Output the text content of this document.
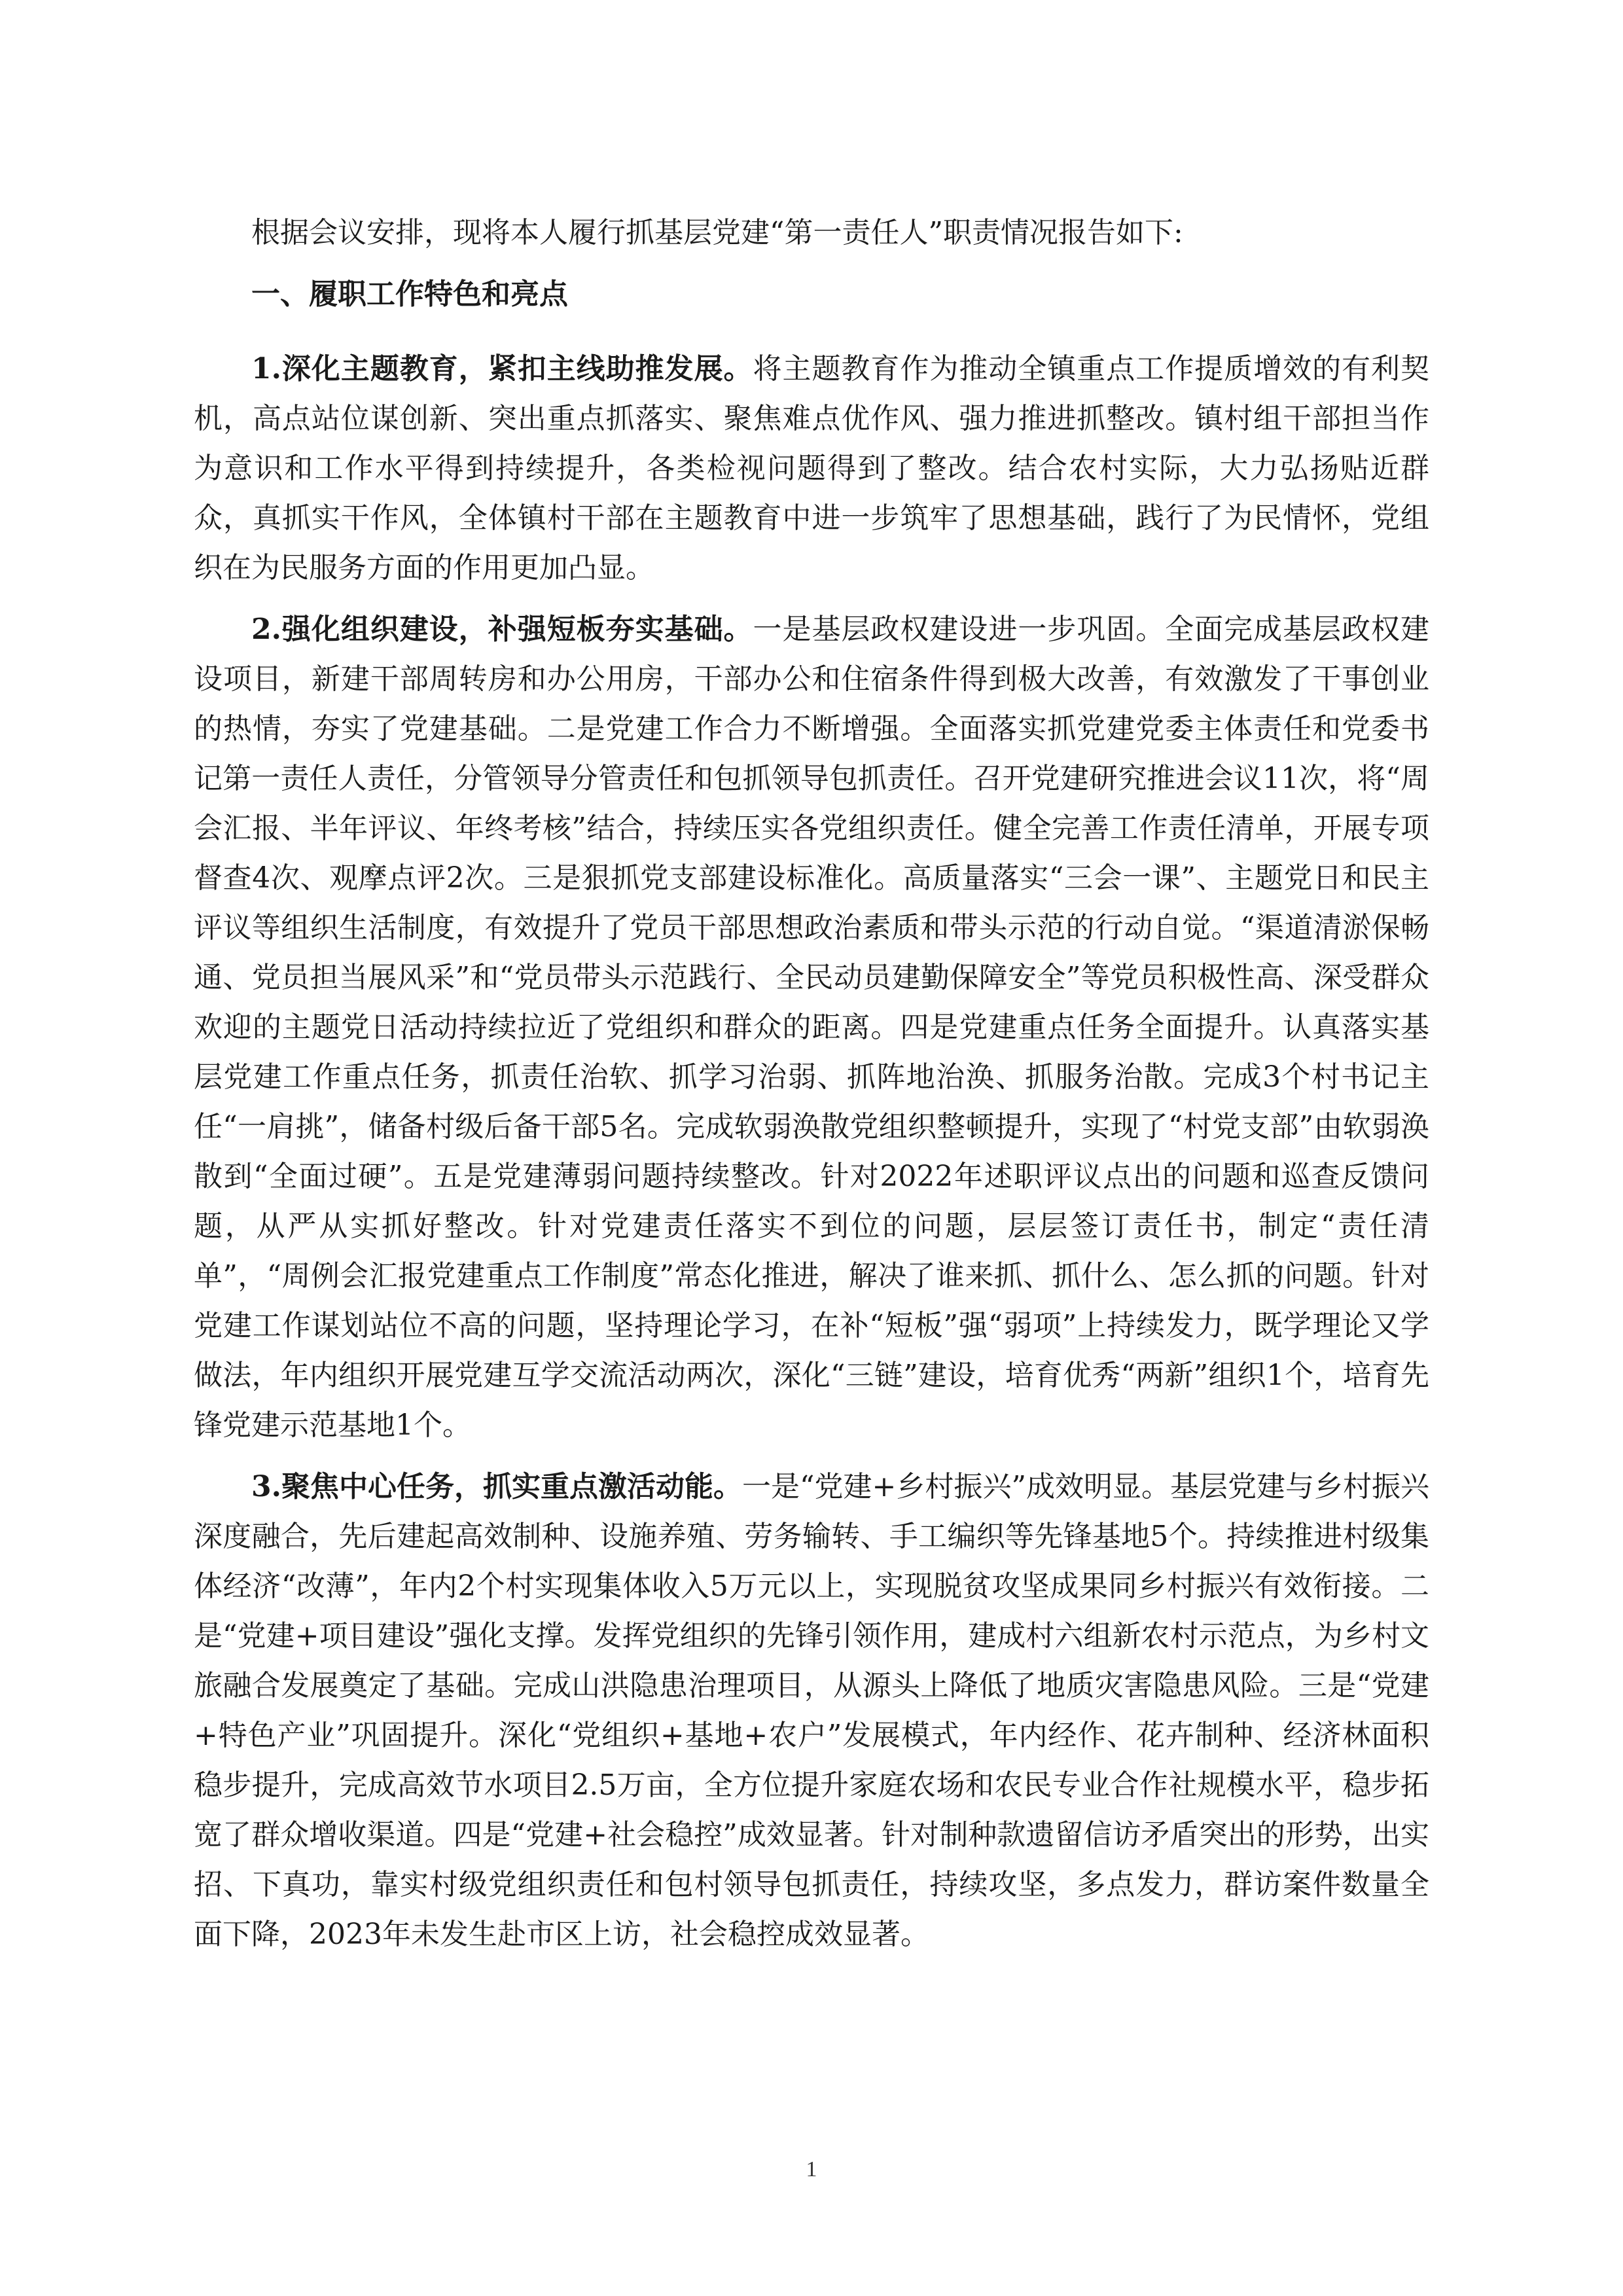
根据会议安排，现将本人履行抓基层党建“第一责任人”职责情况报告如下:

一、履职工作特色和亮点

1.深化主题教育，紧扣主线助推发展。将主题教育作为推动全镇重点工作提质增效的有利契机，高点站位谋创新、突出重点抓落实、聚焦难点优作风、强力推进抓整改。镇村组干部担当作为意识和工作水平得到持续提升，各类检视问题得到了整改。结合农村实际，大力弘扬贴近群众，真抓实干作风，全体镇村干部在主题教育中进一步筑牢了思想基础，践行了为民情怀，党组织在为民服务方面的作用更加凸显。

2.强化组织建设，补强短板夯实基础。一是基层政权建设进一步巩固。全面完成基层政权建设项目，新建干部周转房和办公用房，干部办公和住宿条件得到极大改善，有效激发了干事创业的热情，夯实了党建基础。二是党建工作合力不断增强。全面落实抓党建党委主体责任和党委书记第一责任人责任，分管领导分管责任和包抓领导包抓责任。召开党建研究推进会议11次，将“周会汇报、半年评议、年终考核”结合，持续压实各党组织责任。健全完善工作责任清单，开展专项督查4次、观摩点评2次。三是狠抓党支部建设标准化。高质量落实“三会一课”、主题党日和民主评议等组织生活制度，有效提升了党员干部思想政治素质和带头示范的行动自觉。“渠道清淤保畅通、党员担当展风采”和“党员带头示范践行、全民动员建勤保障安全”等党员积极性高、深受群众欢迎的主题党日活动持续拉近了党组织和群众的距离。四是党建重点任务全面提升。认真落实基层党建工作重点任务，抓责任治软、抓学习治弱、抓阵地治涣、抓服务治散。完成3个村书记主任“一肩挑”，储备村级后备干部5名。完成软弱涣散党组织整顿提升，实现了“村党支部”由软弱涣散到“全面过硬”。五是党建薄弱问题持续整改。针对2022年述职评议点出的问题和巡查反馈问题，从严从实抓好整改。针对党建责任落实不到位的问题，层层签订责任书，制定“责任清单”，“周例会汇报党建重点工作制度”常态化推进，解决了谁来抓、抓什么、怎么抓的问题。针对党建工作谋划站位不高的问题，坚持理论学习，在补“短板”强“弱项”上持续发力，既学理论又学做法，年内组织开展党建互学交流活动两次，深化“三链”建设，培育优秀“两新”组织1个，培育先锋党建示范基地1个。

3.聚焦中心任务，抓实重点激活动能。一是“党建+乡村振兴”成效明显。基层党建与乡村振兴深度融合，先后建起高效制种、设施养殖、劳务输转、手工编织等先锋基地5个。持续推进村级集体经济“改薄”，年内2个村实现集体收入5万元以上，实现脱贫攻坚成果同乡村振兴有效衔接。二是“党建+项目建设”强化支撑。发挥党组织的先锋引领作用，建成村六组新农村示范点，为乡村文旅融合发展奠定了基础。完成山洪隐患治理项目，从源头上降低了地质灾害隐患风险。三是“党建+特色产业”巩固提升。深化“党组织+基地+农户”发展模式，年内经作、花卉制种、经济林面积稳步提升，完成高效节水项目2.5万亩，全方位提升家庭农场和农民专业合作社规模水平，稳步拓宽了群众增收渠道。四是“党建+社会稳控”成效显著。针对制种款遗留信访矛盾突出的形势，出实招、下真功，靠实村级党组织责任和包村领导包抓责任，持续攻坚，多点发力，群访案件数量全面下降，2023年未发生赴市区上访，社会稳控成效显著。

1
